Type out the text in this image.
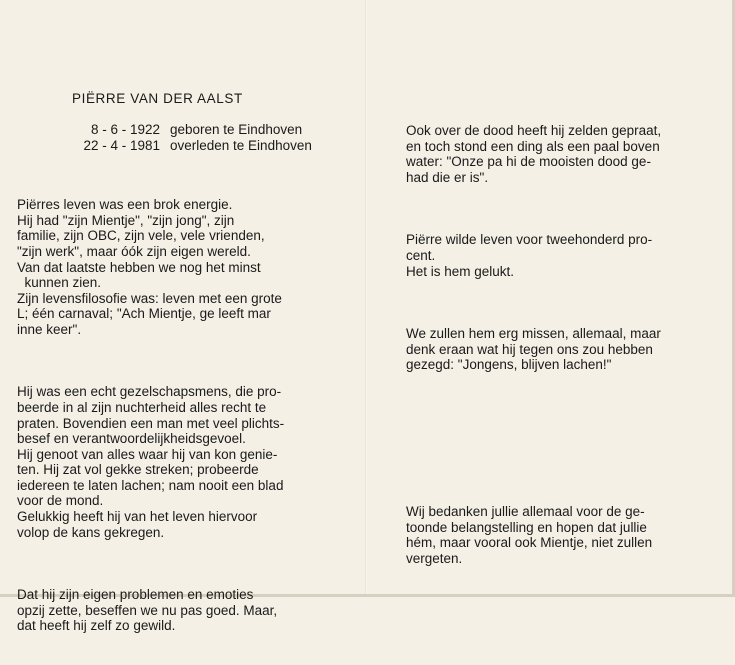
PIËRRE VAN DER AALST
8 - 6 - 1922 geboren te Eindhoven
22 - 4 - 1981 overleden te Eindhoven

Piërres leven was een brok energie.
Hij had "zijn Mientje", "zijn jong", zijn
familie, zijn OBC, zijn vele, vele vrienden,
"zijn werk", maar óók zijn eigen wereld.
Van dat laatste hebben we nog het minst
kunnen zien.
Zijn levensfilosofie was: leven met een grote
L; één carnaval; "Ach Mientje, ge leeft mar
inne keer".

Hij was een echt gezelschapsmens, die pro-
beerde in al zijn nuchterheid alles recht te
praten. Bovendien een man met veel plichts-
besef en verantwoordelijkheidsgevoel.
Hij genoot van alles waar hij van kon genie-
ten. Hij zat vol gekke streken; probeerde
iedereen te laten lachen; nam nooit een blad
voor de mond.
Gelukkig heeft hij van het leven hiervoor
volop de kans gekregen.

Dat hij zijn eigen problemen en emoties
opzij zette, beseffen we nu pas goed. Maar,
dat heeft hij zelf zo gewild.

Ook over de dood heeft hij zelden gepraat,
en toch stond een ding als een paal boven
water: "Onze pa hi de mooisten dood ge-
had die er is".

Piërre wilde leven voor tweehonderd pro-
cent.
Het is hem gelukt.

We zullen hem erg missen, allemaal, maar
denk eraan wat hij tegen ons zou hebben
gezegd: "Jongens, blijven lachen!"

Wij bedanken jullie allemaal voor de ge-
toonde belangstelling en hopen dat jullie
hém, maar vooral ook Mientje, niet zullen
vergeten.
